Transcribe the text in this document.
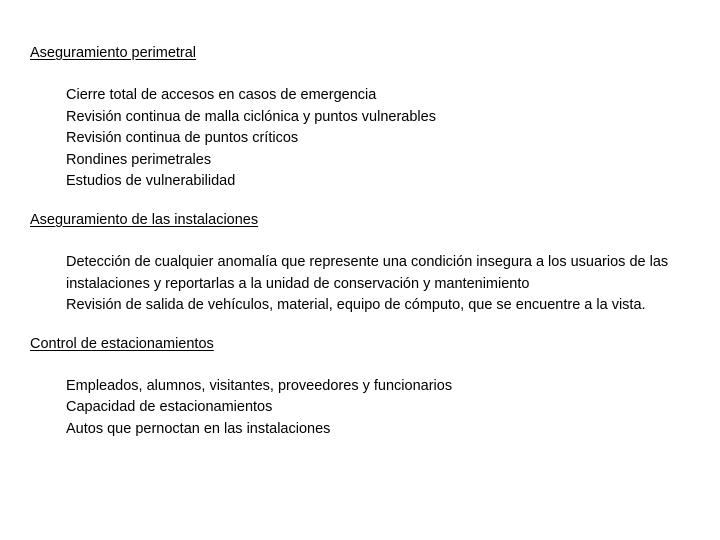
Aseguramiento perimetral

Cierre total de accesos en casos de emergencia
Revisión continua de malla ciclónica y puntos vulnerables
Revisión continua de puntos críticos
Rondines perimetrales
Estudios de vulnerabilidad

Aseguramiento de las instalaciones

Detección de cualquier anomalía que represente una condición insegura a los usuarios de las instalaciones y reportarlas a la unidad de conservación y mantenimiento
Revisión de salida de vehículos, material, equipo de cómputo, que se encuentre a la vista.

Control de estacionamientos

Empleados, alumnos, visitantes, proveedores y funcionarios
Capacidad de estacionamientos
Autos que pernoctan en las instalaciones
